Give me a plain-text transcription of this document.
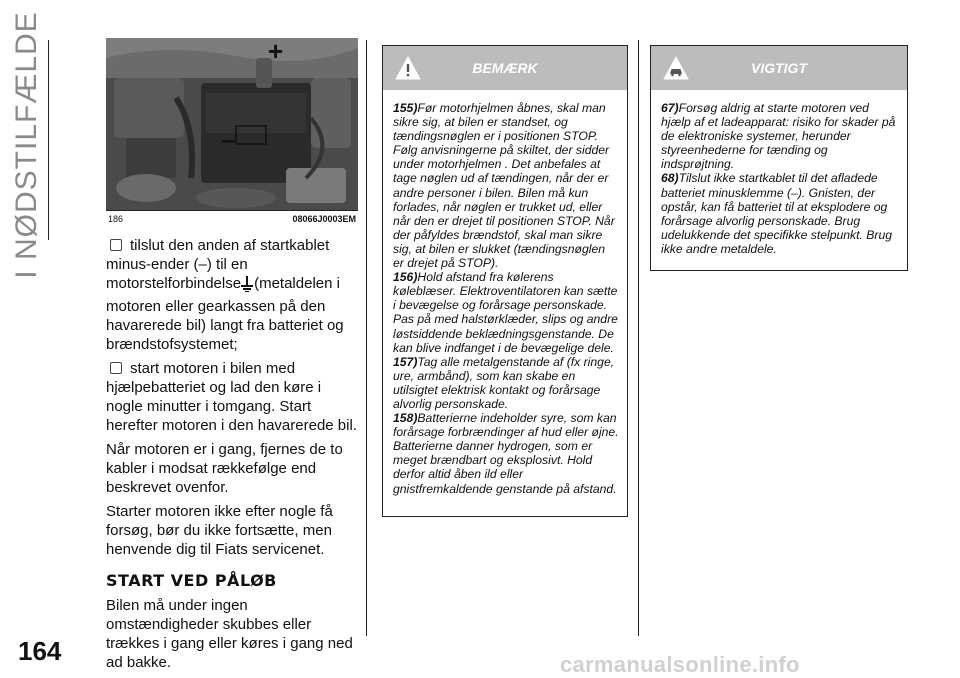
I NØDSTILFÆLDE
164
+
–
186	08066J0003EM

tilslut den anden af startkablet minus-ender (–) til en motorstelforbindelse (metaldelen i motoren eller gearkassen på den havarerede bil) langt fra batteriet og brændstofsystemet;

start motoren i bilen med hjælpebatteriet og lad den køre i nogle minutter i tomgang. Start herefter motoren i den havarerede bil.

Når motoren er i gang, fjernes de to kabler i modsat rækkefølge end beskrevet ovenfor.

Starter motoren ikke efter nogle få forsøg, bør du ikke fortsætte, men henvende dig til Fiats servicenet.

START VED PÅLØB

Bilen må under ingen omstændigheder skubbes eller trækkes i gang eller køres i gang ned ad bakke.

BEMÆRK

155)Før motorhjelmen åbnes, skal man sikre sig, at bilen er standset, og tændingsnøglen er i positionen STOP. Følg anvisningerne på skiltet, der sidder under motorhjelmen . Det anbefales at tage nøglen ud af tændingen, når der er andre personer i bilen. Bilen må kun forlades, når nøglen er trukket ud, eller når den er drejet til positionen STOP. Når der påfyldes brændstof, skal man sikre sig, at bilen er slukket (tændingsnøglen er drejet på STOP).

156)Hold afstand fra kølerens køleblæser. Elektroventilatoren kan sætte i bevægelse og forårsage personskade. Pas på med halstørklæder, slips og andre løstsiddende beklædningsgenstande. De kan blive indfanget i de bevægelige dele.

157)Tag alle metalgenstande af (fx ringe, ure, armbånd), som kan skabe en utilsigtet elektrisk kontakt og forårsage alvorlig personskade.

158)Batterierne indeholder syre, som kan forårsage forbrændinger af hud eller øjne. Batterierne danner hydrogen, som er meget brændbart og eksplosivt. Hold derfor altid åben ild eller gnistfremkaldende genstande på afstand.

VIGTIGT

67)Forsøg aldrig at starte motoren ved hjælp af et ladeapparat: risiko for skader på de elektroniske systemer, herunder styreenhederne for tænding og indsprøjtning.

68)Tilslut ikke startkablet til det afladede batteriet minusklemme (–). Gnisten, der opstår, kan få batteriet til at eksplodere og forårsage alvorlig personskade. Brug udelukkende det specifikke stelpunkt. Brug ikke andre metaldele.

carmanualsonline.info
